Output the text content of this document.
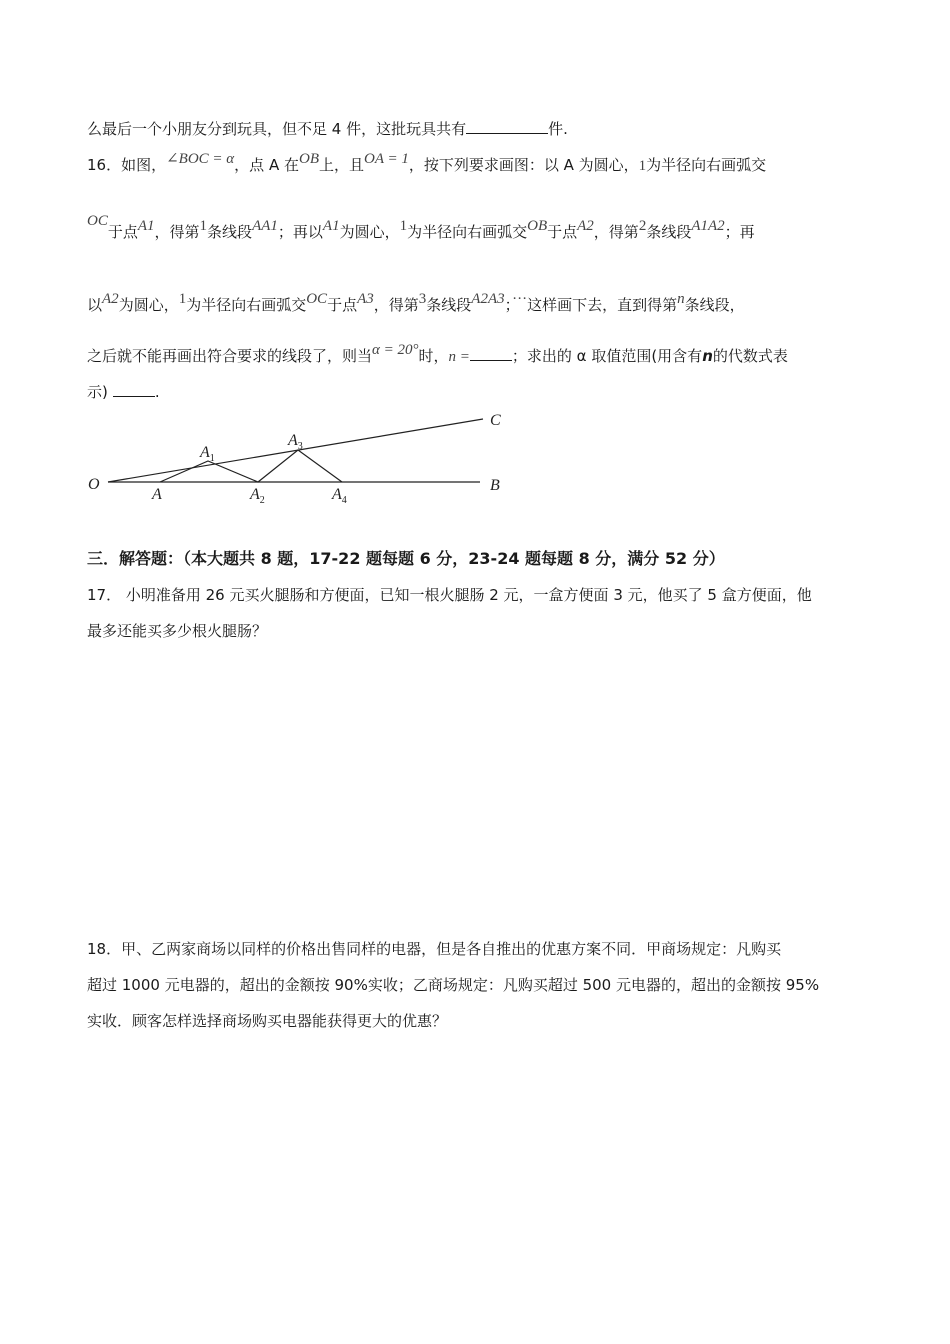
么最后一个小朋友分到玩具，但不足 4 件，这批玩具共有	件.
16．如图，∠BOC = α，点 A 在OB上，且OA = 1，按下列要求画图：以 A 为圆心，1为半径向右画弧交
OC于点A1，得第1条线段AA1；再以A1为圆心，1为半径向右画弧交OB于点A2，得第2条线段A1A2；再
以A2为圆心，1为半径向右画弧交OC于点A3，得第3条线段A2A3；···这样画下去，直到得第n条线段，
之后就不能再画出符合要求的线段了，则当α = 20°时，n =	；求出的 α 取值范围(用含有n的代数式表
示)	.
O
A
$A_1$
$A_2$
$A_3$
$A_4$
B
C
三．解答题：（本大题共 8 题，17-22 题每题 6 分，23-24 题每题 8 分，满分 52 分）
17． 小明准备用 26 元买火腿肠和方便面，已知一根火腿肠 2 元，一盒方便面 3 元，他买了 5 盒方便面，他
最多还能买多少根火腿肠？
18．甲、乙两家商场以同样的价格出售同样的电器，但是各自推出的优惠方案不同．甲商场规定：凡购买
超过 1000 元电器的，超出的金额按 90%实收；乙商场规定：凡购买超过 500 元电器的，超出的金额按 95%
实收．顾客怎样选择商场购买电器能获得更大的优惠？
